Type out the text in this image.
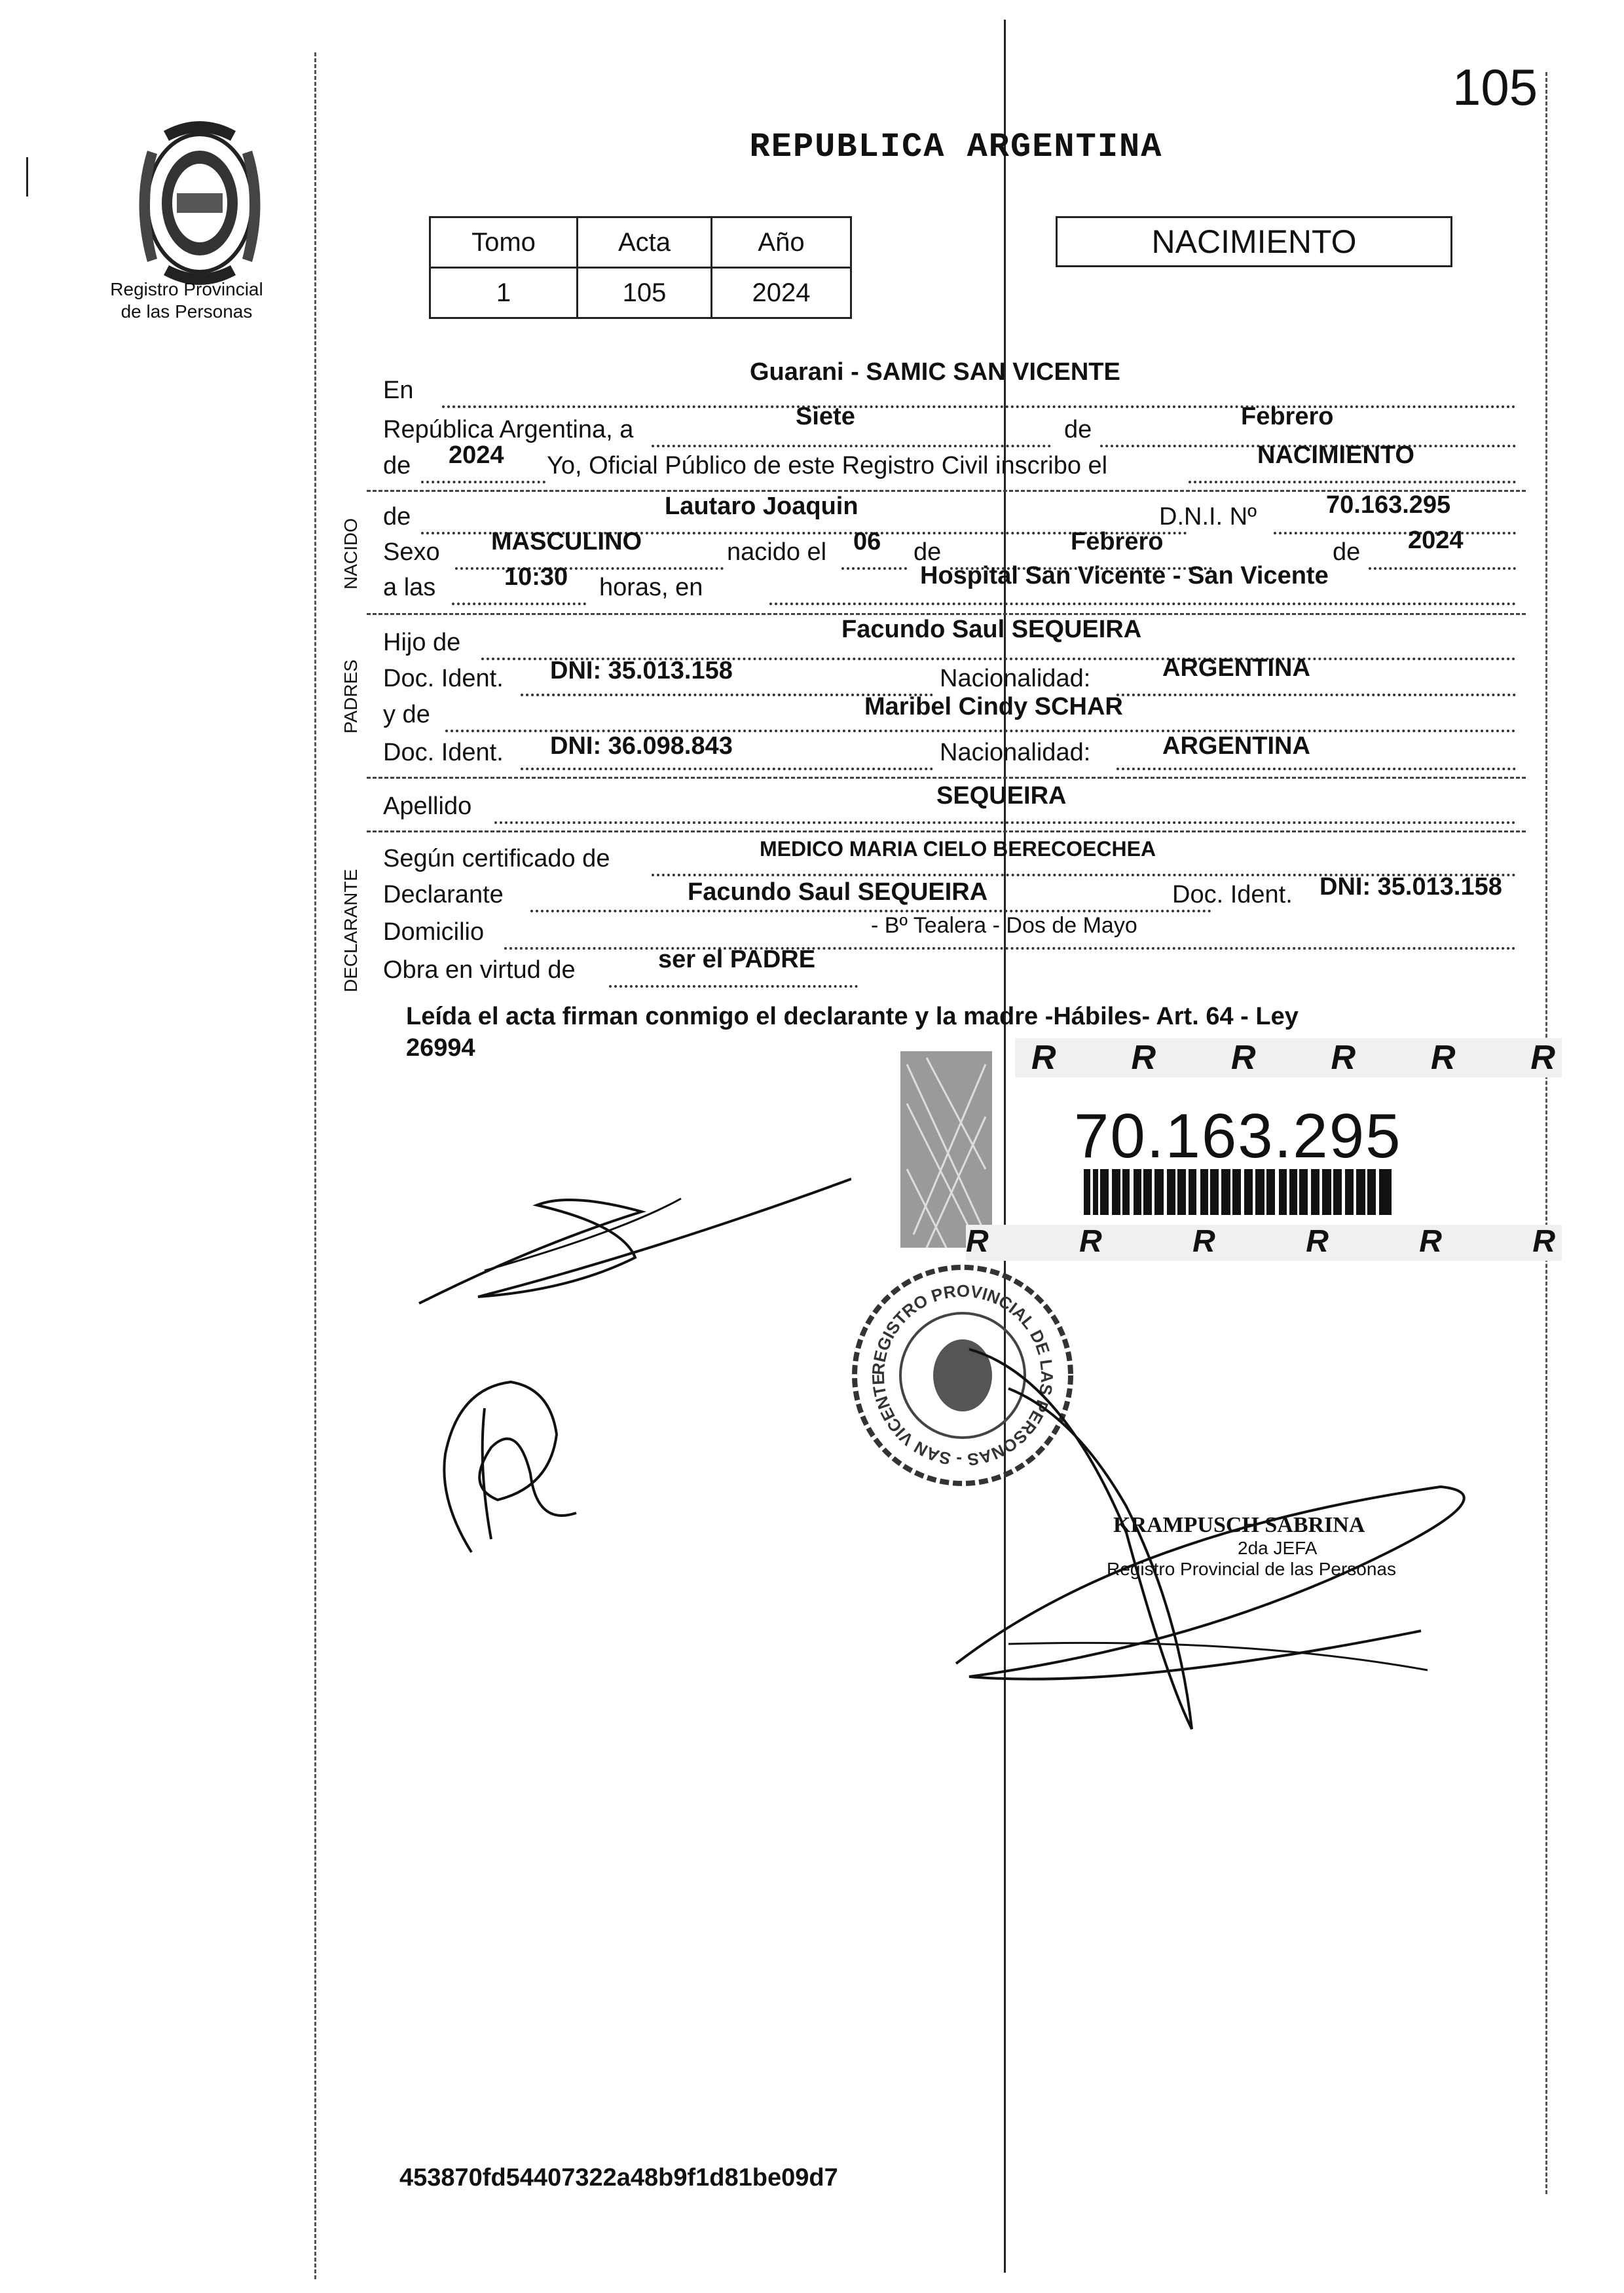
105
Registro Provincial
de las Personas
REPUBLICA ARGENTINA
Tomo	Acta	Año
1	105	2024
NACIMIENTO
NACIDO
PADRES
DECLARANTE
En
Guarani - SAMIC SAN VICENTE
República Argentina, a	Siete	de	Febrero
de 2024 Yo, Oficial Público de este Registro Civil inscribo el	NACIMIENTO
de	Lautaro Joaquin	D.N.I. Nº	70.163.295
Sexo MASCULINO	nacido el 06 de	Febrero	de 2024
a las	10:30 horas, en	Hospital San Vicente - San Vicente
Hijo de	Facundo Saul SEQUEIRA
Doc. Ident. DNI: 35.013.158	Nacionalidad:	ARGENTINA
y de	Maribel Cindy SCHAR
Doc. Ident. DNI: 36.098.843	Nacionalidad:	ARGENTINA
Apellido	SEQUEIRA
Según certificado de	MEDICO MARIA CIELO BERECOECHEA
Declarante	Facundo Saul SEQUEIRA	Doc. Ident. DNI: 35.013.158
Domicilio	- Bº Tealera - Dos de Mayo
Obra en virtud de	ser el PADRE
Leída el acta firman conmigo el declarante y la madre -Hábiles- Art. 64 - Ley
26994	R R R R R R
70.163.295
R	R	R	R	R	R
REGISTRO PROVINCIAL DE LAS PERSONAS - SAN VICENTE
KRAMPUSCH SABRINA
2da JEFA
Registro Provincial de las Personas
453870fd54407322a48b9f1d81be09d7
